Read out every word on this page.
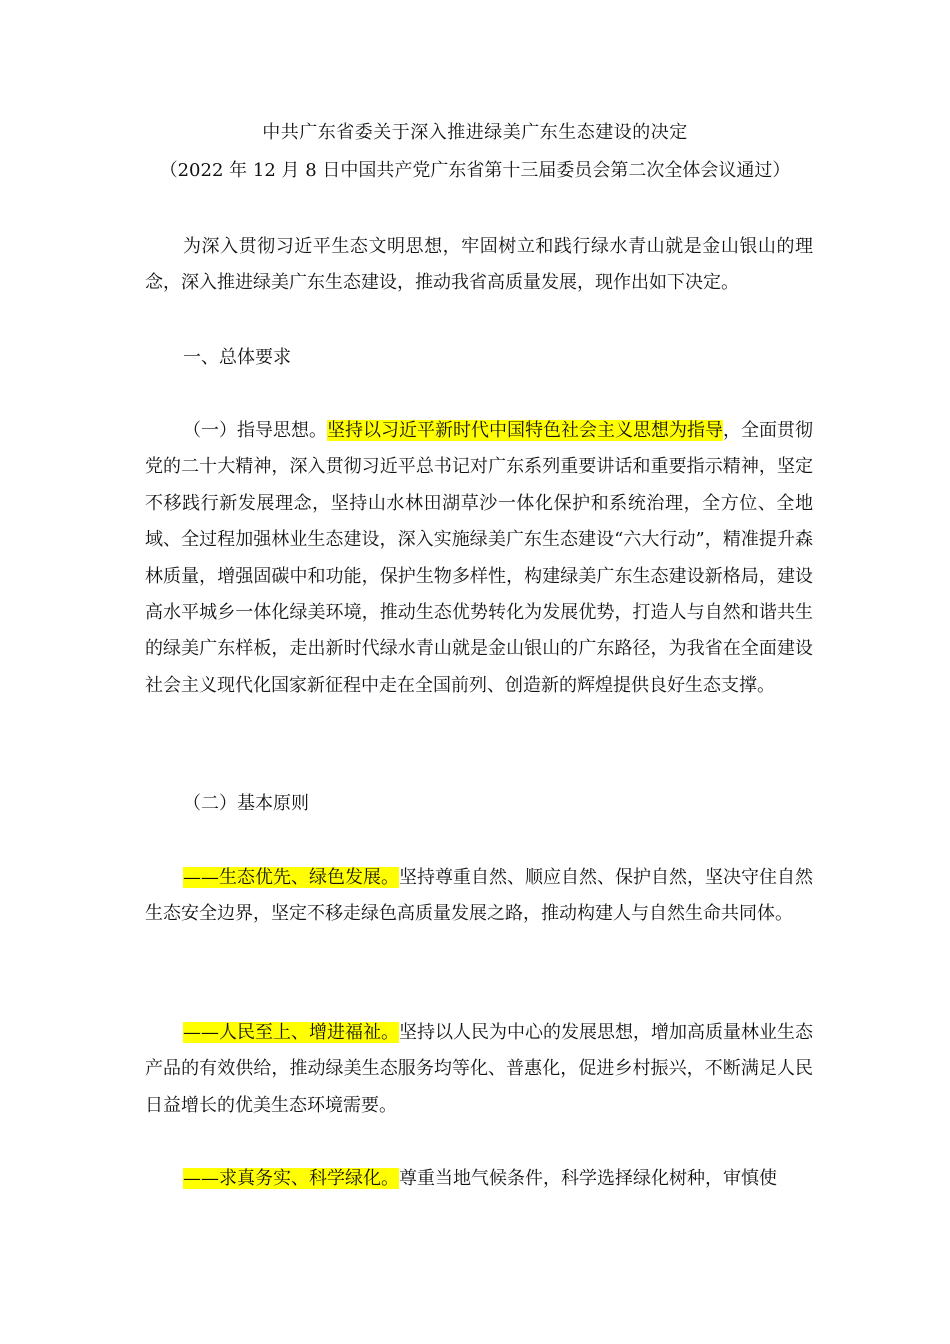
中共广东省委关于深入推进绿美广东生态建设的决定
（2022 年 12 月 8 日中国共产党广东省第十三届委员会第二次全体会议通过）

为深入贯彻习近平生态文明思想，牢固树立和践行绿水青山就是金山银山的理念，深入推进绿美广东生态建设，推动我省高质量发展，现作出如下决定。

一、总体要求

（一）指导思想。坚持以习近平新时代中国特色社会主义思想为指导，全面贯彻党的二十大精神，深入贯彻习近平总书记对广东系列重要讲话和重要指示精神，坚定不移践行新发展理念，坚持山水林田湖草沙一体化保护和系统治理，全方位、全地域、全过程加强林业生态建设，深入实施绿美广东生态建设“六大行动”，精准提升森林质量，增强固碳中和功能，保护生物多样性，构建绿美广东生态建设新格局，建设高水平城乡一体化绿美环境，推动生态优势转化为发展优势，打造人与自然和谐共生的绿美广东样板，走出新时代绿水青山就是金山银山的广东路径，为我省在全面建设社会主义现代化国家新征程中走在全国前列、创造新的辉煌提供良好生态支撑。

（二）基本原则

——生态优先、绿色发展。坚持尊重自然、顺应自然、保护自然，坚决守住自然生态安全边界，坚定不移走绿色高质量发展之路，推动构建人与自然生命共同体。

——人民至上、增进福祉。坚持以人民为中心的发展思想，增加高质量林业生态产品的有效供给，推动绿美生态服务均等化、普惠化，促进乡村振兴，不断满足人民日益增长的优美生态环境需要。

——求真务实、科学绿化。尊重当地气候条件，科学选择绿化树种，审慎使
